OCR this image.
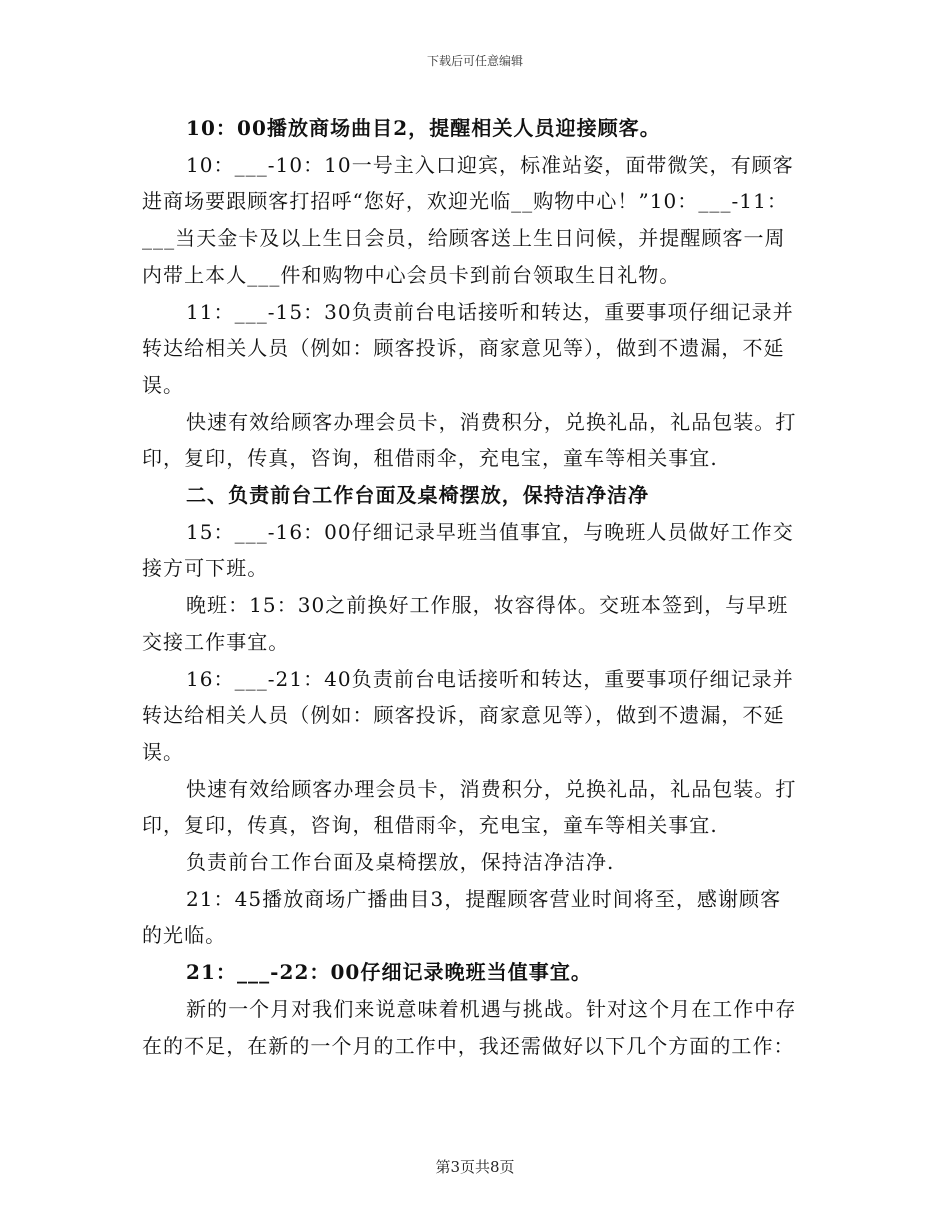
下载后可任意编辑

10：00播放商场曲目2，提醒相关人员迎接顾客。

10：___-10：10一号主入口迎宾，标准站姿，面带微笑，有顾客进商场要跟顾客打招呼“您好，欢迎光临__购物中心！”10：___-11：___当天金卡及以上生日会员，给顾客送上生日问候，并提醒顾客一周内带上本人___件和购物中心会员卡到前台领取生日礼物。

11：___-15：30负责前台电话接听和转达，重要事项仔细记录并转达给相关人员（例如：顾客投诉，商家意见等），做到不遗漏，不延误。

快速有效给顾客办理会员卡，消费积分，兑换礼品，礼品包装。打印，复印，传真，咨询，租借雨伞，充电宝，童车等相关事宜.

二、负责前台工作台面及桌椅摆放，保持洁净洁净

15：___-16：00仔细记录早班当值事宜，与晚班人员做好工作交接方可下班。

晚班：15：30之前换好工作服，妆容得体。交班本签到，与早班交接工作事宜。

16：___-21：40负责前台电话接听和转达，重要事项仔细记录并转达给相关人员（例如：顾客投诉，商家意见等），做到不遗漏，不延误。

快速有效给顾客办理会员卡，消费积分，兑换礼品，礼品包装。打印，复印，传真，咨询，租借雨伞，充电宝，童车等相关事宜.

负责前台工作台面及桌椅摆放，保持洁净洁净.

21：45播放商场广播曲目3，提醒顾客营业时间将至，感谢顾客的光临。

21：___-22：00仔细记录晚班当值事宜。

新的一个月对我们来说意味着机遇与挑战。针对这个月在工作中存在的不足，在新的一个月的工作中，我还需做好以下几个方面的工作：

第3页共8页
